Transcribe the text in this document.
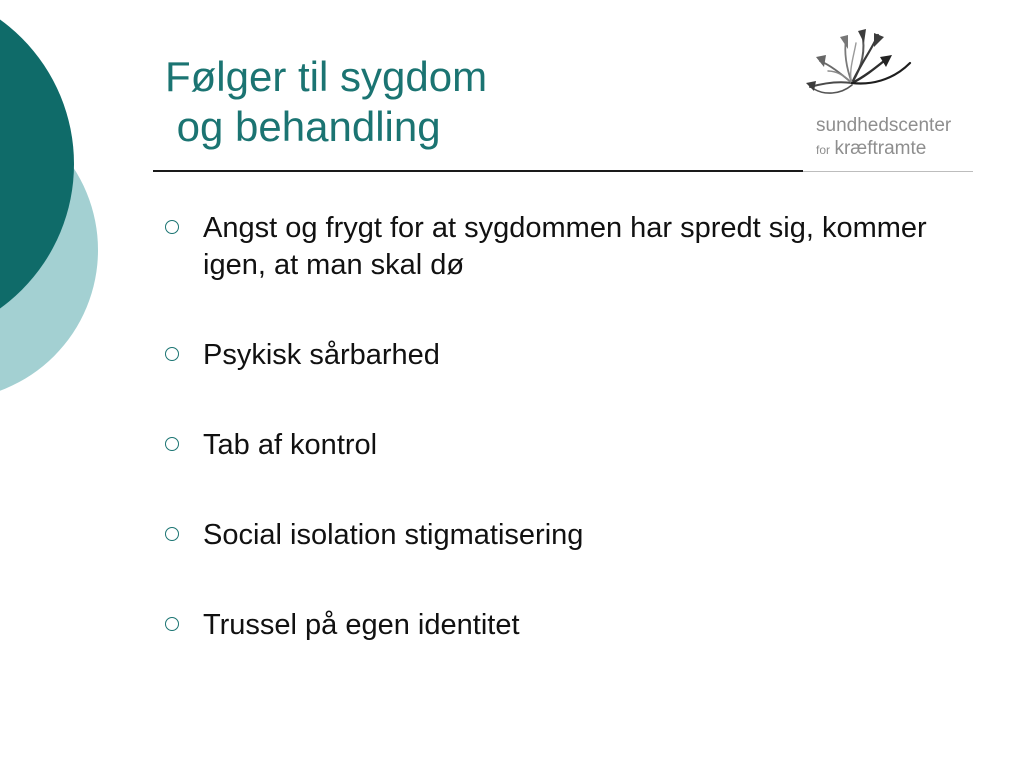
Følger til sygdom
og behandling	sundhedscenter
for kræftramte
Angst og frygt for at sygdommen har spredt sig, kommer igen, at man skal dø
Psykisk sårbarhed
Tab af kontrol
Social isolation stigmatisering
Trussel på egen identitet
